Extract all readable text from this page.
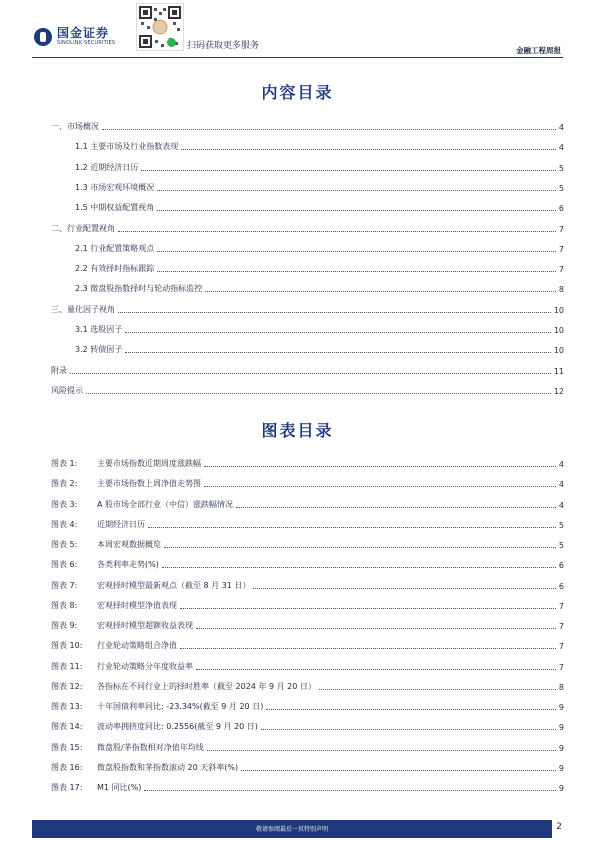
国金证券
SINOLINK SECURITIES	扫码获取更多服务	金融工程周报
内容目录
一、市场概况	4
1.1 主要市场及行业指数表现	4
1.2 近期经济日历	5
1.3 市场宏观环境概况	5
1.5 中期权益配置视角	6
二、行业配置视角	7
2.1 行业配置策略观点	7
2.2 有效择时指标跟踪	7
2.3 微盘股指数择时与轮动指标监控	8
三、量化因子视角	10
3.1 选股因子	10
3.2 转债因子	10
附录	11
风险提示	12
图表目录
图表 1:	主要市场指数近期周度涨跌幅	4
图表 2:	主要市场指数上周净值走势图	4
图表 3:	A 股市场全部行业（中信）涨跌幅情况	4
图表 4:	近期经济日历	5
图表 5:	本周宏观数据概览	5
图表 6:	各类利率走势(%)	6
图表 7:	宏观择时模型最新观点（截至 8 月 31 日）	6
图表 8:	宏观择时模型净值表现	7
图表 9:	宏观择时模型超额收益表现	7
图表 10:	行业轮动策略组合净值	7
图表 11:	行业轮动策略分年度收益率	7
图表 12:	各指标在不同行业上的择时胜率（截至 2024 年 9 月 20 日）	8
图表 13:	十年国债利率同比: -23.34%(截至 9 月 20 日)	9
图表 14:	波动率拥挤度同比: 0.2556(截至 9 月 20 日)	9
图表 15:	微盘股/茅指数相对净值年均线	9
图表 16:	微盘股指数和茅指数滚动 20 天斜率(%)	9
图表 17:	M1 同比(%)	9
敬请参阅最后一页特别声明	2
